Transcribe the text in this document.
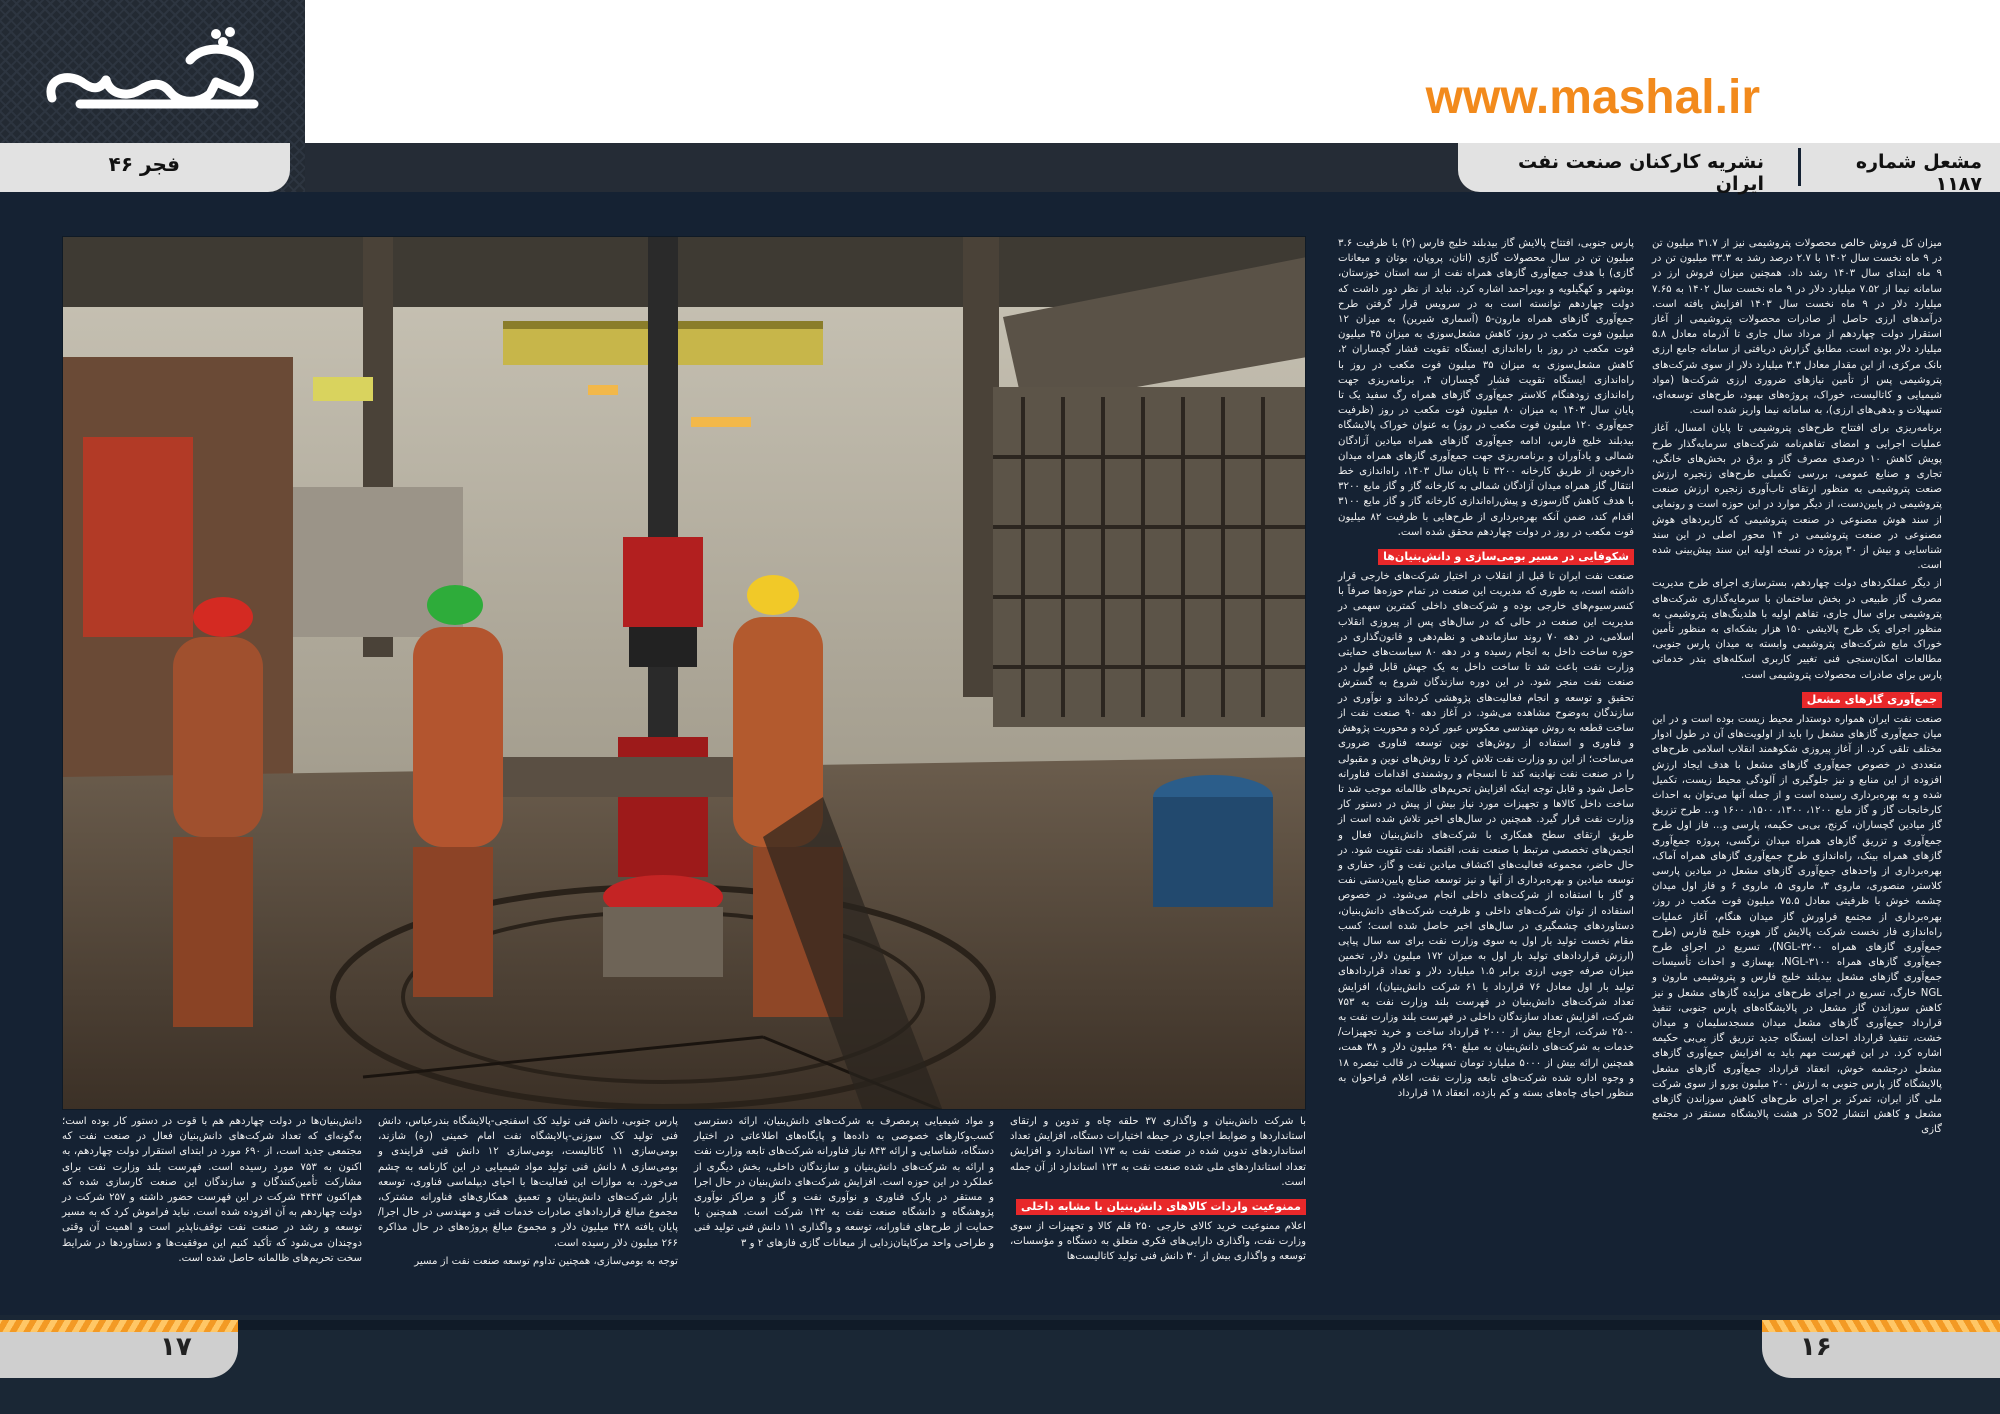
www.mashal.ir
فجر ۴۶	نشریه کارکنان صنعت نفت ایران
مشعل شماره ۱۱۸۷

میزان کل فروش خالص محصولات پتروشیمی نیز از ۳۱.۷ میلیون تن در ۹ ماه نخست سال ۱۴۰۲ با ۲.۷ درصد رشد به ۳۳.۳ میلیون تن در ۹ ماه ابتدای سال ۱۴۰۳ رشد داد. همچنین میزان فروش ارز در سامانه نیما از ۷.۵۲ میلیارد دلار در ۹ ماه نخست سال ۱۴۰۲ به ۷.۶۵ میلیارد دلار در ۹ ماه نخست سال ۱۴۰۳ افزایش یافته است. درآمدهای ارزی حاصل از صادرات محصولات پتروشیمی از آغاز استقرار دولت چهاردهم از مرداد سال جاری تا آذرماه معادل ۵.۸ میلیارد دلار بوده است. مطابق گزارش دریافتی از سامانه جامع ارزی بانک مرکزی، از این مقدار معادل ۳.۳ میلیارد دلار از سوی شرکت‌های پتروشیمی پس از تأمین نیازهای ضروری ارزی شرکت‌ها (مواد شیمیایی و کاتالیست، خوراک، پروژه‌های بهبود، طرح‌های توسعه‌ای، تسهیلات و بدهی‌های ارزی)، به سامانه نیما واریز شده است.

برنامه‌ریزی برای افتتاح طرح‌های پتروشیمی تا پایان امسال، آغاز عملیات اجرایی و امضای تفاهم‌نامه شرکت‌های سرمایه‌گذار طرح پویش کاهش ۱۰ درصدی مصرف گاز و برق در بخش‌های خانگی، تجاری و صنایع عمومی، بررسی تکمیلی طرح‌های زنجیره ارزش صنعت پتروشیمی به منظور ارتقای تاب‌آوری زنجیره ارزش صنعت پتروشیمی در پایین‌دست، از دیگر موارد در این حوزه است و رونمایی از سند هوش مصنوعی در صنعت پتروشیمی که کاربردهای هوش مصنوعی در صنعت پتروشیمی در ۱۴ محور اصلی در این سند شناسایی و بیش از ۳۰ پروژه در نسخه اولیه این سند پیش‌بینی شده است.

از دیگر عملکردهای دولت چهاردهم، بسترسازی اجرای طرح مدیریت مصرف گاز طبیعی در بخش ساختمان با سرمایه‌گذاری شرکت‌های پتروشیمی برای سال جاری، تفاهم اولیه با هلدینگ‌های پتروشیمی به منظور اجرای یک طرح پالایشی ۱۵۰ هزار بشکه‌ای به منظور تأمین خوراک مایع شرکت‌های پتروشیمی وابسته به میدان پارس جنوبی، مطالعات امکان‌سنجی فنی تغییر کاربری اسکله‌های بندر خدماتی پارس برای صادرات محصولات پتروشیمی است.

جمع‌آوری گازهای مشعل

صنعت نفت ایران همواره دوستدار محیط زیست بوده است و در این میان جمع‌آوری گازهای مشعل را باید از اولویت‌های آن در طول ادوار مختلف تلقی کرد. از آغاز پیروزی شکوهمند انقلاب اسلامی طرح‌های متعددی در خصوص جمع‌آوری گازهای مشعل با هدف ایجاد ارزش افزوده از این منابع و نیز جلوگیری از آلودگی محیط زیست، تکمیل شده و به بهره‌برداری رسیده است و از جمله آنها می‌توان به احداث کارخانجات گاز و گاز مایع ۱۲۰۰، ۱۳۰۰، ۱۵۰۰، ۱۶۰۰ و... طرح تزریق گاز میادین گچساران، کرنج، بی‌بی حکیمه، پارسی و... فاز اول طرح جمع‌آوری و تزریق گازهای همراه میدان نرگسی، پروژه جمع‌آوری گازهای همراه بینک، راه‌اندازی طرح جمع‌آوری گازهای همراه آماک، بهره‌برداری از واحدهای جمع‌آوری گازهای مشعل در میادین پارسی کلاستر، منصوری، ماروی ۳، ماروی ۵، ماروی ۶ و فاز اول میدان چشمه خوش با ظرفیتی معادل ۷۵.۵ میلیون فوت مکعب در روز، بهره‌برداری از مجتمع فراورش گاز میدان هنگام، آغاز عملیات راه‌اندازی فاز نخست شرکت پالایش گاز هویزه خلیج فارس (طرح جمع‌آوری گازهای همراه NGL-۳۲۰۰)، تسریع در اجرای طرح جمع‌آوری گازهای همراه NGL-۳۱۰۰، بهسازی و احداث تأسیسات جمع‌آوری گازهای مشعل بیدبلند خلیج فارس و پتروشیمی مارون و NGL خارگ، تسریع در اجرای طرح‌های مزایده گازهای مشعل و نیز کاهش سوزاندن گاز مشعل در پالایشگاه‌های پارس جنوبی، تنفیذ قرارداد جمع‌آوری گازهای مشعل میدان مسجدسلیمان و میدان خشت، تنفیذ قرارداد احداث ایستگاه جدید تزریق گاز بی‌بی حکیمه اشاره کرد. در این فهرست مهم باید به افزایش جمع‌آوری گازهای مشعل درجشمه خوش، انعقاد قرارداد جمع‌آوری گازهای مشعل پالایشگاه گاز پارس جنوبی به ارزش ۲۰۰ میلیون یورو از سوی شرکت ملی گاز ایران، تمرکز بر اجرای طرح‌های کاهش سوزاندن گازهای مشعل و کاهش انتشار SO2 در هشت پالایشگاه مستقر در مجتمع گازی

پارس جنوبی، افتتاح پالایش گاز بیدبلند خلیج فارس (۲) با ظرفیت ۳.۶ میلیون تن در سال محصولات گازی (اتان، پروپان، بوتان و میعانات گازی) با هدف جمع‌آوری گازهای همراه نفت از سه استان خوزستان، بوشهر و کهگیلویه و بویراحمد اشاره کرد. نباید از نظر دور داشت که دولت چهاردهم توانسته است به در سرویس قرار گرفتن طرح جمع‌آوری گازهای همراه مارون-۵ (آسماری شیرین) به میزان ۱۲ میلیون فوت مکعب در روز، کاهش مشعل‌سوزی به میزان ۴۵ میلیون فوت مکعب در روز با راه‌اندازی ایستگاه تقویت فشار گچساران ۲، کاهش مشعل‌سوزی به میزان ۳۵ میلیون فوت مکعب در روز با راه‌اندازی ایستگاه تقویت فشار گچساران ۴، برنامه‌ریزی جهت راه‌اندازی زودهنگام کلاستر جمع‌آوری گازهای همراه رگ سفید یک تا پایان سال ۱۴۰۳ به میزان ۸۰ میلیون فوت مکعب در روز (ظرفیت جمع‌آوری ۱۲۰ میلیون فوت مکعب در روز) به عنوان خوراک پالایشگاه بیدبلند خلیج فارس، ادامه جمع‌آوری گازهای همراه میادین آزادگان شمالی و یادآوران و برنامه‌ریزی جهت جمع‌آوری گازهای همراه میدان دارخوین از طریق کارخانه ۳۲۰۰ تا پایان سال ۱۴۰۳، راه‌اندازی خط انتقال گاز همراه میدان آزادگان شمالی به کارخانه گاز و گاز مایع ۳۲۰۰ با هدف کاهش گازسوزی و پیش‌راه‌اندازی کارخانه گاز و گاز مایع ۳۱۰۰ اقدام کند، ضمن آنکه بهره‌برداری از طرح‌هایی با ظرفیت ۸۲ میلیون فوت مکعب در روز در دولت چهاردهم محقق شده است.

شکوفایی در مسیر بومی‌سازی و دانش‌بنیان‌ها

صنعت نفت ایران تا قبل از انقلاب در اختیار شرکت‌های خارجی قرار داشته است، به طوری که مدیریت این صنعت در تمام حوزه‌ها صرفاً با کنسرسیوم‌های خارجی بوده و شرکت‌های داخلی کمترین سهمی در مدیریت این صنعت در حالی که در سال‌های پس از پیروزی انقلاب اسلامی، در دهه ۷۰ روند سازماندهی و نظم‌دهی و قانون‌گذاری در حوزه ساخت داخل به انجام رسیده و در دهه ۸۰ سیاست‌های حمایتی وزارت نفت باعث شد تا ساخت داخل به یک جهش قابل قبول در صنعت نفت منجر شود. در این دوره سازندگان شروع به گسترش تحقیق و توسعه و انجام فعالیت‌های پژوهشی کرده‌اند و نوآوری در سازندگان به‌وضوح مشاهده می‌شود. در آغاز دهه ۹۰ صنعت نفت از ساخت قطعه به روش مهندسی معکوس عبور کرده و محوریت پژوهش و فناوری و استفاده از روش‌های نوین توسعه فناوری ضروری می‌ساخت؛ از این رو وزارت نفت تلاش کرد تا روش‌های نوین و مقبولی را در صنعت نفت نهادینه کند تا انسجام و روشمندی اقدامات فناورانه حاصل شود و قابل توجه اینکه افزایش تحریم‌های ظالمانه موجب شد تا ساخت داخل کالاها و تجهیزات مورد نیاز بیش از پیش در دستور کار وزارت نفت قرار گیرد. همچنین در سال‌های اخیر تلاش شده است از طریق ارتقای سطح همکاری با شرکت‌های دانش‌بنیان فعال و انجمن‌های تخصصی مرتبط با صنعت نفت، اقتصاد نفت تقویت شود. در حال حاضر، مجموعه فعالیت‌های اکتشاف میادین نفت و گاز، حفاری و توسعه میادین و بهره‌برداری از آنها و نیز توسعه صنایع پایین‌دستی نفت و گاز با استفاده از شرکت‌های داخلی انجام می‌شود. در خصوص استفاده از توان شرکت‌های داخلی و ظرفیت شرکت‌های دانش‌بنیان، دستاوردهای چشمگیری در سال‌های اخیر حاصل شده است؛ کسب مقام نخست تولید بار اول به سوی وزارت نفت برای سه سال پیاپی (ارزش قراردادهای تولید بار اول به میزان ۱۷۲ میلیون دلار، تخمین میزان صرفه جویی ارزی برابر ۱.۵ میلیارد دلار و تعداد قراردادهای تولید بار اول معادل ۷۶ قرارداد با ۶۱ شرکت دانش‌بنیان)، افزایش تعداد شرکت‌های دانش‌بنیان در فهرست بلند وزارت نفت به ۷۵۳ شرکت، افزایش تعداد سازندگان داخلی در فهرست بلند وزارت نفت به ۲۵۰۰ شرکت، ارجاع بیش از ۲۰۰۰ قرارداد ساخت و خرید تجهیزات/خدمات به شرکت‌های دانش‌بنیان به مبلغ ۶۹۰ میلیون دلار و ۳۸ همت، همچنین ارائه بیش از ۵۰۰۰ میلیارد تومان تسهیلات در قالب تبصره ۱۸ و وجوه اداره شده شرکت‌های تابعه وزارت نفت، اعلام فراخوان به منظور احیای چاه‌های بسته و کم بازده، انعقاد ۱۸ قرارداد

با شرکت دانش‌بنیان و واگذاری ۳۷ حلقه چاه و تدوین و ارتقای استانداردها و ضوابط اجباری در حیطه اختیارات دستگاه، افزایش تعداد استانداردهای تدوین شده در صنعت نفت به ۱۷۳ استاندارد و افزایش تعداد استانداردهای ملی شده صنعت نفت به ۱۲۳ استاندارد از آن جمله است.

ممنوعیت واردات کالاهای دانش‌بنیان با مشابه داخلی

اعلام ممنوعیت خرید کالای خارجی ۲۵۰ قلم کالا و تجهیزات از سوی وزارت نفت، واگذاری دارایی‌های فکری متعلق به دستگاه و مؤسسات، توسعه و واگذاری بیش از ۳۰ دانش فنی تولید کاتالیست‌ها

و مواد شیمیایی پرمصرف به شرکت‌های دانش‌بنیان، ارائه دسترسی کسب‌وکارهای خصوصی به داده‌ها و پایگاه‌های اطلاعاتی در اختیار دستگاه، شناسایی و ارائه ۸۴۳ نیاز فناورانه شرکت‌های تابعه وزارت نفت و ارائه به شرکت‌های دانش‌بنیان و سازندگان داخلی، بخش دیگری از عملکرد در این حوزه است. افزایش شرکت‌های دانش‌بنیان در حال اجرا و مستقر در پارک فناوری و نوآوری نفت و گاز و مراکز نوآوری پژوهشگاه و دانشگاه صنعت نفت به ۱۴۲ شرکت است. همچنین با حمایت از طرح‌های فناورانه، توسعه و واگذاری ۱۱ دانش فنی تولید فنی و طراحی واحد مرکاپتان‌زدایی از میعانات گازی فازهای ۲ و ۳

پارس جنوبی، دانش فنی تولید کک اسفنجی-پالایشگاه بندرعباس، دانش فنی تولید کک سوزنی-پالایشگاه نفت امام خمینی (ره) شازند، بومی‌سازی ۱۱ کاتالیست، بومی‌سازی ۱۲ دانش فنی فرایندی و بومی‌سازی ۸ دانش فنی تولید مواد شیمیایی در این کارنامه به چشم می‌خورد. به موازات این فعالیت‌ها با احیای دیپلماسی فناوری، توسعه بازار شرکت‌های دانش‌بنیان و تعمیق همکاری‌های فناورانه مشترک، مجموع مبالغ قراردادهای صادرات خدمات فنی و مهندسی در حال اجرا/پایان یافته ۴۲۸ میلیون دلار و مجموع مبالغ پروژه‌های در حال مذاکره ۲۶۶ میلیون دلار رسیده است.

توجه به بومی‌سازی، همچنین تداوم توسعه صنعت نفت از مسیر

دانش‌بنیان‌ها در دولت چهاردهم هم با قوت در دستور کار بوده است؛ به‌گونه‌ای که تعداد شرکت‌های دانش‌بنیان فعال در صنعت نفت که مجتمعی جدید است، از ۶۹۰ مورد در ابتدای استقرار دولت چهاردهم، به اکنون به ۷۵۳ مورد رسیده است. فهرست بلند وزارت نفت برای مشارکت تأمین‌کنندگان و سازندگان این صنعت کارسازی شده که هم‌اکنون ۴۴۴۳ شرکت در این فهرست حضور داشته و ۲۵۷ شرکت در دولت چهاردهم به آن افزوده شده است. نباید فراموش کرد که به مسیر توسعه و رشد در صنعت نفت توقف‌ناپذیر است و اهمیت آن وقتی دوچندان می‌شود که تأکید کنیم این موفقیت‌ها و دستاوردها در شرایط سخت تحریم‌های ظالمانه حاصل شده است.

۱۷	۱۶
